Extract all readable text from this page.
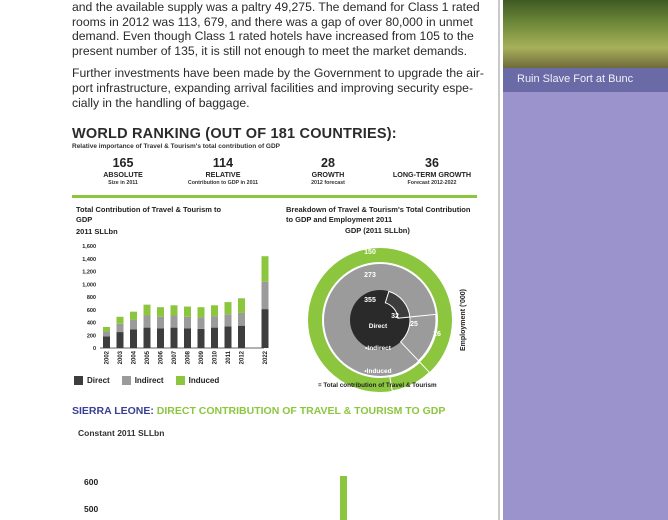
and the available supply was a paltry 49,275. The demand for Class 1 rated rooms in 2012 was 113, 679, and there was a gap of over 80,000 in unmet demand. Even though Class 1 rated hotels have increased from 105 to the present number of 135, it is still not enough to meet the market demands.

Further investments have been made by the Government to upgrade the air-port infrastructure, expanding arrival facilities and improving security espe-cially in the handling of baggage.

Ruin Slave Fort at Bunc
WORLD RANKING (OUT OF 181 COUNTRIES):
Relative importance of Travel & Tourism's total contribution of GDP
165
ABSOLUTE
Size in 2011
114
RELATIVE
Contribution to GDP in 2011
28
GROWTH
2012 forecast
36
LONG-TERM GROWTH
Forecast 2012-2022
Total Contribution of Travel & Tourism to GDP
2011 SLLbn
0
200
400
600
800
1,000
1,200
1,400
1,600
2002 2003 2004 2005 2006 2007 2008 2009 2010 2011 2012	2022
Direct	Indirect	Induced
Breakdown of Travel & Tourism's Total Contribution to GDP and Employment 2011
GDP (2011 SLLbn)
150
273
355
32
25
16
Direct
•Indirect
•Induced
Employment ('000)
= Total contribution of Travel & Tourism
SIERRA LEONE: DIRECT CONTRIBUTION OF TRAVEL & TOURISM TO GDP
Constant 2011 SLLbn
600
500
